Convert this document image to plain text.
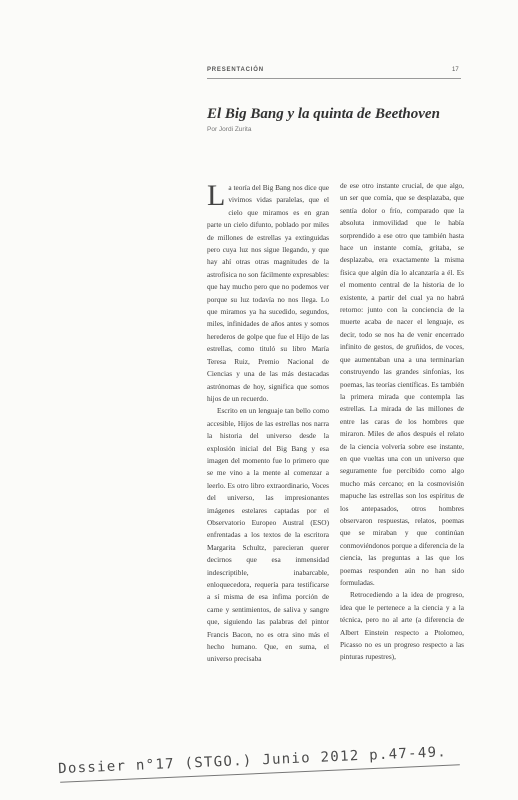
PRESENTACIÓN	17
El Big Bang y la quinta de Beethoven
Por Jordi Zurita

La teoría del Big Bang nos dice que vivimos vidas paralelas, que el cielo que miramos es en gran parte un cielo difunto, poblado por miles de millones de estrellas ya extinguidas pero cuya luz nos sigue llegando, y que hay ahí otras otras magnitudes de la astrofísica no son fácilmente expresables: que hay mucho pero que no podemos ver porque su luz todavía no nos llega. Lo que miramos ya ha sucedido, segundos, miles, infinidades de años antes y somos herederos de golpe que fue el Hijo de las estrellas, como tituló su libro María Teresa Ruiz, Premio Nacional de Ciencias y una de las más destacadas astrónomas de hoy, significa que somos hijos de un recuerdo.

Escrito en un lenguaje tan bello como accesible, Hijos de las estrellas nos narra la historia del universo desde la explosión inicial del Big Bang y esa imagen del momento fue lo primero que se me vino a la mente al comenzar a leerlo. Es otro libro extraordinario, Voces del universo, las impresionantes imágenes estelares captadas por el Observatorio Europeo Austral (ESO) enfrentadas a los textos de la escritora Margarita Schultz, parecieran querer decirnos que esa inmensidad indescriptible, inabarcable, enloquecedora, requería para testificarse a sí misma de esa ínfima porción de carne y sentimientos, de saliva y sangre que, siguiendo las palabras del pintor Francis Bacon, no es otra sino más el hecho humano. Que, en suma, el universo precisaba

de ese otro instante crucial, de que algo, un ser que comía, que se desplazaba, que sentía dolor o frío, comparado que la absoluta inmovilidad que le había sorprendido a ese otro que también hasta hace un instante comía, gritaba, se desplazaba, era exactamente la misma física que algún día lo alcanzaría a él. Es el momento central de la historia de lo existente, a partir del cual ya no habrá retorno: junto con la conciencia de la muerte acaba de nacer el lenguaje, es decir, todo se nos ha de venir encerrado infinito de gestos, de gruñidos, de voces, que aumentaban una a una terminarían construyendo las grandes sinfonías, los poemas, las teorías científicas. Es también la primera mirada que contempla las estrellas. La mirada de las millones de entre las caras de los hombres que miraron. Miles de años después el relato de la ciencia volvería sobre ese instante, en que vueltas una con un universo que seguramente fue percibido como algo mucho más cercano; en la cosmovisión mapuche las estrellas son los espíritus de los antepasados, otros hombres observaron respuestas, relatos, poemas que se miraban y que continúan conmoviéndonos porque a diferencia de la ciencia, las preguntas a las que los poemas responden aún no han sido formuladas.

Retrocediendo a la idea de progreso, idea que le pertenece a la ciencia y a la técnica, pero no al arte (a diferencia de Albert Einstein respecto a Ptolomeo, Picasso no es un progreso respecto a las pinturas rupestres),

Dossier n°17 (STGO.) Junio 2012 p.47-49.
